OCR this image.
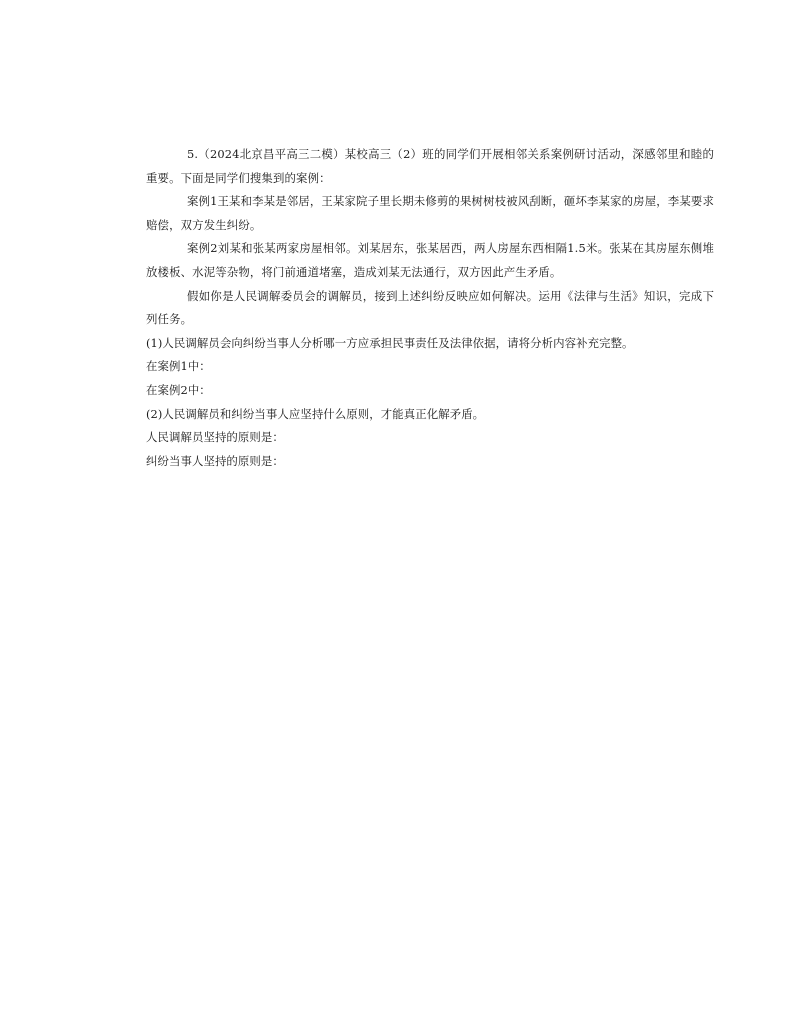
5.（2024北京昌平高三二模）某校高三（2）班的同学们开展相邻关系案例研讨活动，深感邻里和睦的重要。下面是同学们搜集到的案例：

案例1王某和李某是邻居，王某家院子里长期未修剪的果树树枝被风刮断，砸坏李某家的房屋，李某要求赔偿，双方发生纠纷。

案例2刘某和张某两家房屋相邻。刘某居东，张某居西，两人房屋东西相隔1.5米。张某在其房屋东侧堆放楼板、水泥等杂物，将门前通道堵塞，造成刘某无法通行，双方因此产生矛盾。

假如你是人民调解委员会的调解员，接到上述纠纷反映应如何解决。运用《法律与生活》知识，完成下列任务。

(1)人民调解员会向纠纷当事人分析哪一方应承担民事责任及法律依据，请将分析内容补充完整。

在案例1中：

在案例2中：

(2)人民调解员和纠纷当事人应坚持什么原则，才能真正化解矛盾。

人民调解员坚持的原则是：

纠纷当事人坚持的原则是：
